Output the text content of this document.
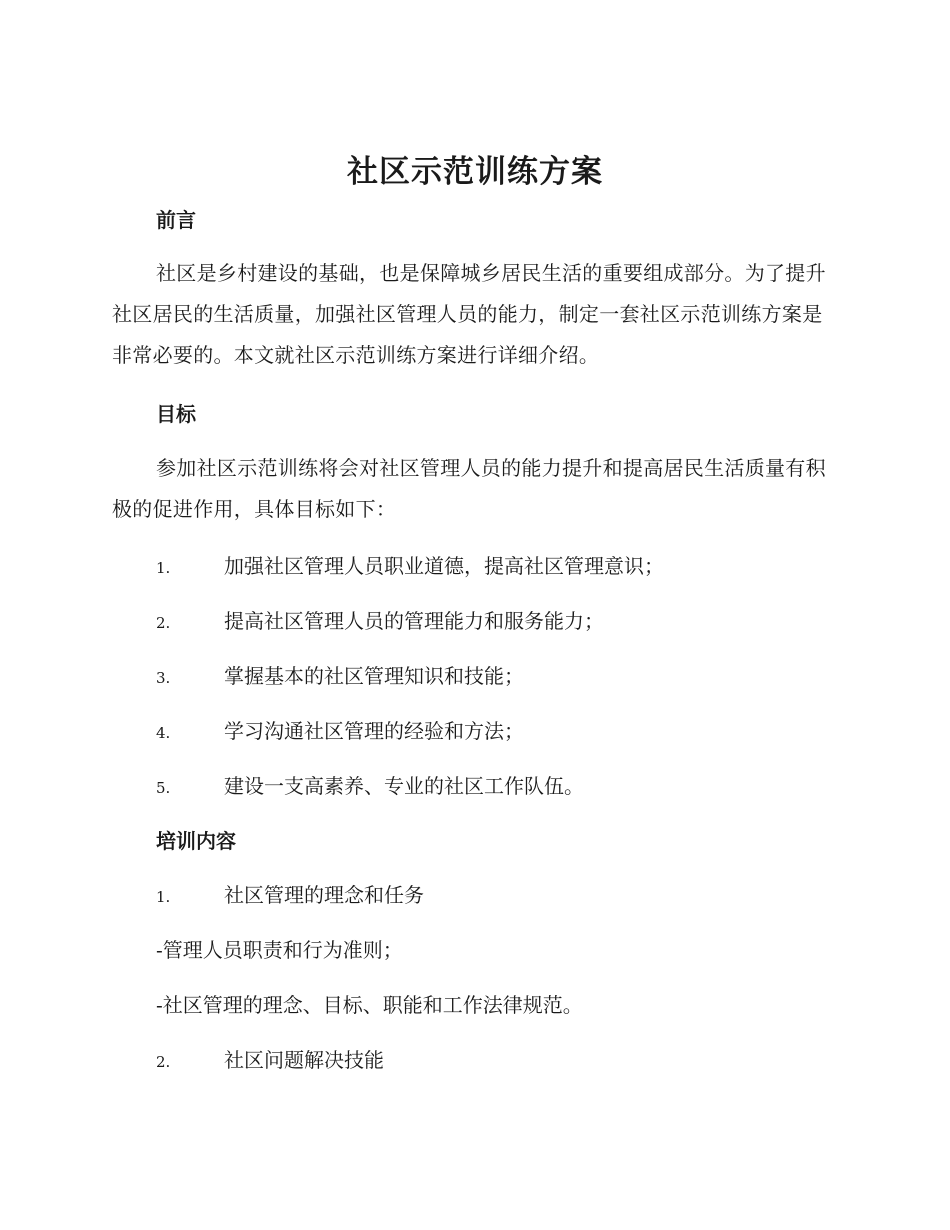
社区示范训练方案
前言

社区是乡村建设的基础，也是保障城乡居民生活的重要组成部分。为了提升社区居民的生活质量，加强社区管理人员的能力，制定一套社区示范训练方案是非常必要的。本文就社区示范训练方案进行详细介绍。

目标

参加社区示范训练将会对社区管理人员的能力提升和提高居民生活质量有积极的促进作用，具体目标如下：

1.	加强社区管理人员职业道德，提高社区管理意识；
2.	提高社区管理人员的管理能力和服务能力；
3.	掌握基本的社区管理知识和技能；
4.	学习沟通社区管理的经验和方法；
5.	建设一支高素养、专业的社区工作队伍。
培训内容
1.	社区管理的理念和任务
-管理人员职责和行为准则；
-社区管理的理念、目标、职能和工作法律规范。
2.	社区问题解决技能
